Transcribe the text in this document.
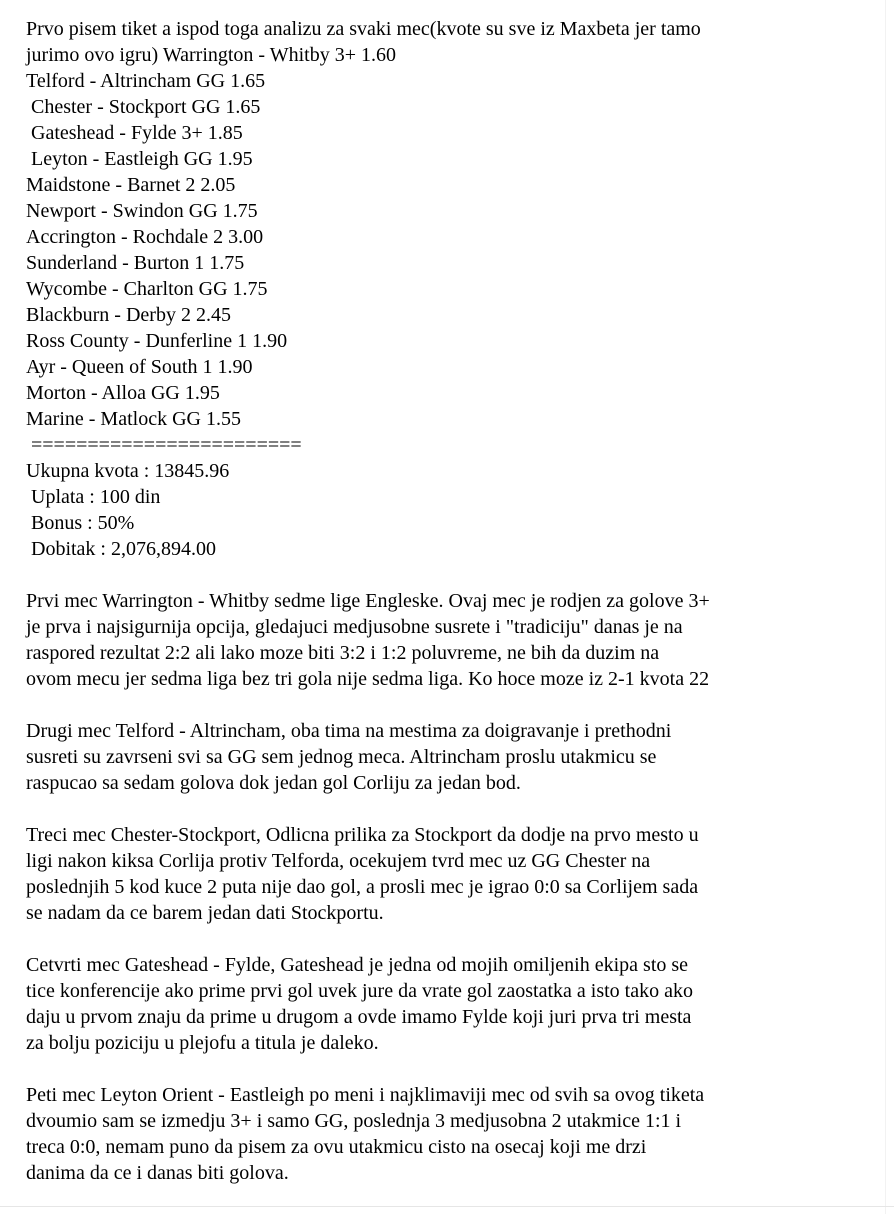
Prvo pisem tiket a ispod toga analizu za svaki mec(kvote su sve iz Maxbeta jer tamo
jurimo ovo igru) Warrington - Whitby 3+ 1.60
Telford - Altrincham GG 1.65
Chester - Stockport GG 1.65
Gateshead - Fylde 3+ 1.85
Leyton - Eastleigh GG 1.95
Maidstone - Barnet 2 2.05
Newport - Swindon GG 1.75
Accrington - Rochdale 2 3.00
Sunderland - Burton 1 1.75
Wycombe - Charlton GG 1.75
Blackburn - Derby 2 2.45
Ross County - Dunferline 1 1.90
Ayr - Queen of South 1 1.90
Morton - Alloa GG 1.95
Marine - Matlock GG 1.55
========================
Ukupna kvota : 13845.96
Uplata : 100 din
Bonus : 50%
Dobitak : 2,076,894.00
Prvi mec Warrington - Whitby sedme lige Engleske. Ovaj mec je rodjen za golove 3+
je prva i najsigurnija opcija, gledajuci medjusobne susrete i "tradiciju" danas je na
raspored rezultat 2:2 ali lako moze biti 3:2 i 1:2 poluvreme, ne bih da duzim na
ovom mecu jer sedma liga bez tri gola nije sedma liga. Ko hoce moze iz 2-1 kvota 22
Drugi mec Telford - Altrincham, oba tima na mestima za doigravanje i prethodni
susreti su zavrseni svi sa GG sem jednog meca. Altrincham proslu utakmicu se
raspucao sa sedam golova dok jedan gol Corliju za jedan bod.
Treci mec Chester-Stockport, Odlicna prilika za Stockport da dodje na prvo mesto u
ligi nakon kiksa Corlija protiv Telforda, ocekujem tvrd mec uz GG Chester na
poslednjih 5 kod kuce 2 puta nije dao gol, a prosli mec je igrao 0:0 sa Corlijem sada
se nadam da ce barem jedan dati Stockportu.
Cetvrti mec Gateshead - Fylde, Gateshead je jedna od mojih omiljenih ekipa sto se
tice konferencije ako prime prvi gol uvek jure da vrate gol zaostatka a isto tako ako
daju u prvom znaju da prime u drugom a ovde imamo Fylde koji juri prva tri mesta
za bolju poziciju u plejofu a titula je daleko.
Peti mec Leyton Orient - Eastleigh po meni i najklimaviji mec od svih sa ovog tiketa
dvoumio sam se izmedju 3+ i samo GG, poslednja 3 medjusobna 2 utakmice 1:1 i
treca 0:0, nemam puno da pisem za ovu utakmicu cisto na osecaj koji me drzi
danima da ce i danas biti golova.
